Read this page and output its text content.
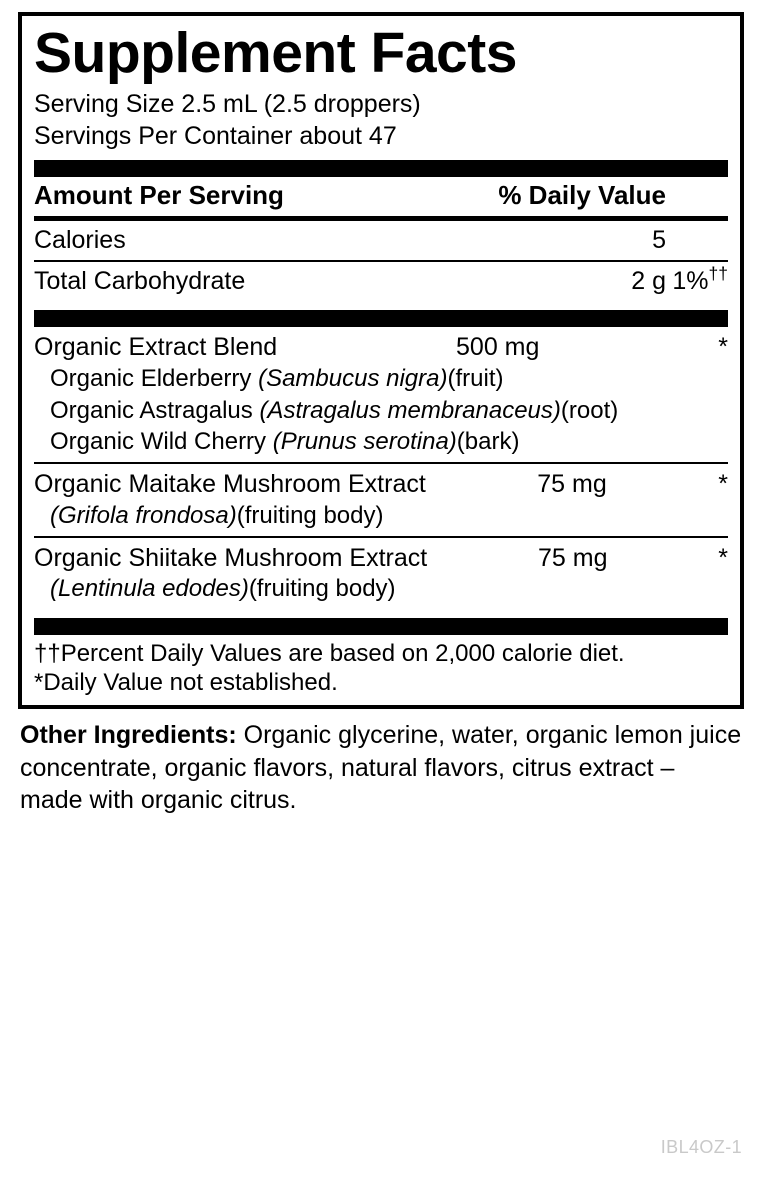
Supplement Facts
Serving Size 2.5 mL (2.5 droppers)
Servings Per Container about 47
Amount Per Serving	% Daily Value
Calories	5
Total Carbohydrate	2 g 1%††
Organic Extract Blend	500 mg	*
Organic Elderberry (Sambucus nigra)(fruit)
Organic Astragalus (Astragalus membranaceus)(root)
Organic Wild Cherry (Prunus serotina)(bark)
Organic Maitake Mushroom Extract	75 mg	*
(Grifola frondosa)(fruiting body)
Organic Shiitake Mushroom Extract	75 mg	*
(Lentinula edodes)(fruiting body)
††Percent Daily Values are based on 2,000 calorie diet.
*Daily Value not established.
Other Ingredients: Organic glycerine, water, organic lemon juice concentrate, organic flavors, natural flavors, citrus extract – made with organic citrus.
IBL4OZ-1
